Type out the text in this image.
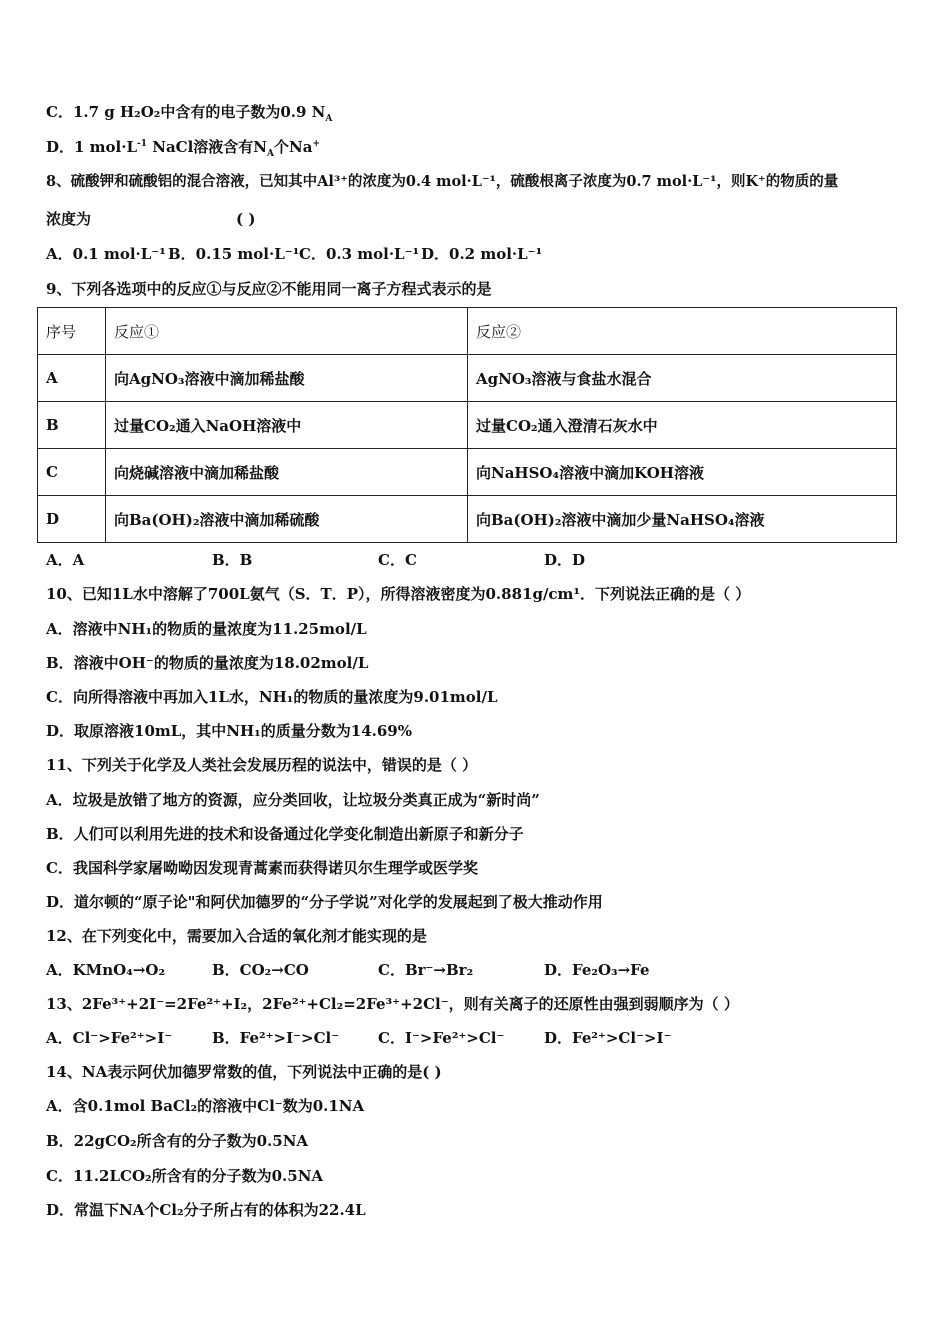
C．1.7 g H₂O₂中含有的电子数为0.9 $N_A$
D．1 $mol\cdot L^{-1}$ NaCl溶液含有$N_A$个Na+
8、硫酸钾和硫酸铝的混合溶液，已知其中Al³⁺的浓度为0.4 mol·L⁻¹，硫酸根离子浓度为0.7 mol·L⁻¹，则K⁺的物质的量
浓度为	( )
A．0.1 mol·L⁻¹ B．0.15 mol·L⁻¹C．0.3 mol·L⁻¹ D．0.2 mol·L⁻¹
9、下列各选项中的反应①与反应②不能用同一离子方程式表示的是
序号	反应①	反应②
A	向AgNO₃溶液中滴加稀盐酸	AgNO₃溶液与食盐水混合
B	过量CO₂通入NaOH溶液中	过量CO₂通入澄清石灰水中
C	向烧碱溶液中滴加稀盐酸	向NaHSO₄溶液中滴加KOH溶液
D	向Ba(OH)₂溶液中滴加稀硫酸	向Ba(OH)₂溶液中滴加少量NaHSO₄溶液
A．A	B．B	C．C	D．D
10、已知1L水中溶解了700L氨气（S．T．P），所得溶液密度为0.881g/cm¹．下列说法正确的是（ ）
A．溶液中NH₁的物质的量浓度为11.25mol/L
B．溶液中OH⁻的物质的量浓度为18.02mol/L
C．向所得溶液中再加入1L水，NH₁的物质的量浓度为9.01mol/L
D．取原溶液10mL，其中NH₁的质量分数为14.69%
11、下列关于化学及人类社会发展历程的说法中，错误的是（ ）
A．垃圾是放错了地方的资源，应分类回收，让垃圾分类真正成为“新时尚”
B．人们可以利用先进的技术和设备通过化学变化制造出新原子和新分子
C．我国科学家屠呦呦因发现青蒿素而获得诺贝尔生理学或医学奖
D．道尔顿的“原子论"和阿伏加德罗的“分子学说”对化学的发展起到了极大推动作用
12、在下列变化中，需要加入合适的氧化剂才能实现的是
A．KMnO₄→O₂	B．CO₂→CO	C．Br⁻→Br₂	D．Fe₂O₃→Fe
13、2Fe³⁺+2I⁻=2Fe²⁺+I₂，2Fe²⁺+Cl₂=2Fe³⁺+2Cl⁻，则有关离子的还原性由强到弱顺序为（ ）
A．Cl⁻>Fe²⁺>I⁻	B．Fe²⁺>I⁻>Cl⁻	C．I⁻>Fe²⁺>Cl⁻	D．Fe²⁺>Cl⁻>I⁻
14、NA表示阿伏加德罗常数的值，下列说法中正确的是( )
A．含0.1mol BaCl₂的溶液中Cl⁻数为0.1NA
B．22gCO₂所含有的分子数为0.5NA
C．11.2LCO₂所含有的分子数为0.5NA
D．常温下NA个Cl₂分子所占有的体积为22.4L
